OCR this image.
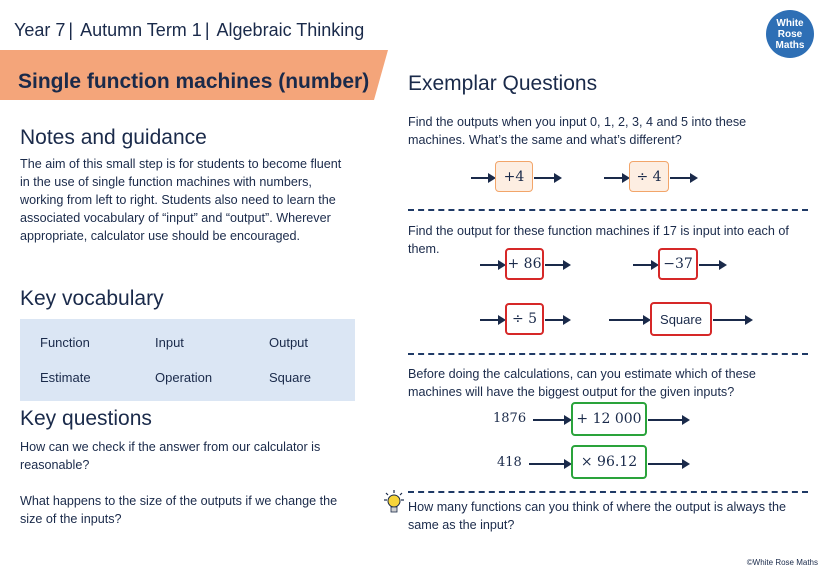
Year 7 | Autumn Term 1 | Algebraic Thinking	White
Rose
Maths
Single function machines (number)
Notes and guidance
The aim of this small step is for students to become fluent
in the use of single function machines with numbers,
working from left to right. Students also need to learn the
associated vocabulary of “input” and “output”. Wherever
appropriate, calculator use should be encouraged.
Key vocabulary
Function	Input	Output
Estimate	Operation	Square
Key questions
How can we check if the answer from our calculator is
reasonable?
What happens to the size of the outputs if we change the
size of the inputs?
Exemplar Questions
Find the outputs when you input 0, 1, 2, 3, 4 and 5 into these
machines. What’s the same and what’s different?
+4	÷ 4
Find the output for these function machines if 17 is input into each of
them.
+ 86	−37
÷ 5	Square
Before doing the calculations, can you estimate which of these
machines will have the biggest output for the given inputs?
1876	+ 12 000
418	× 96.12
How many functions can you think of where the output is always the
same as the input?
©White Rose Maths
